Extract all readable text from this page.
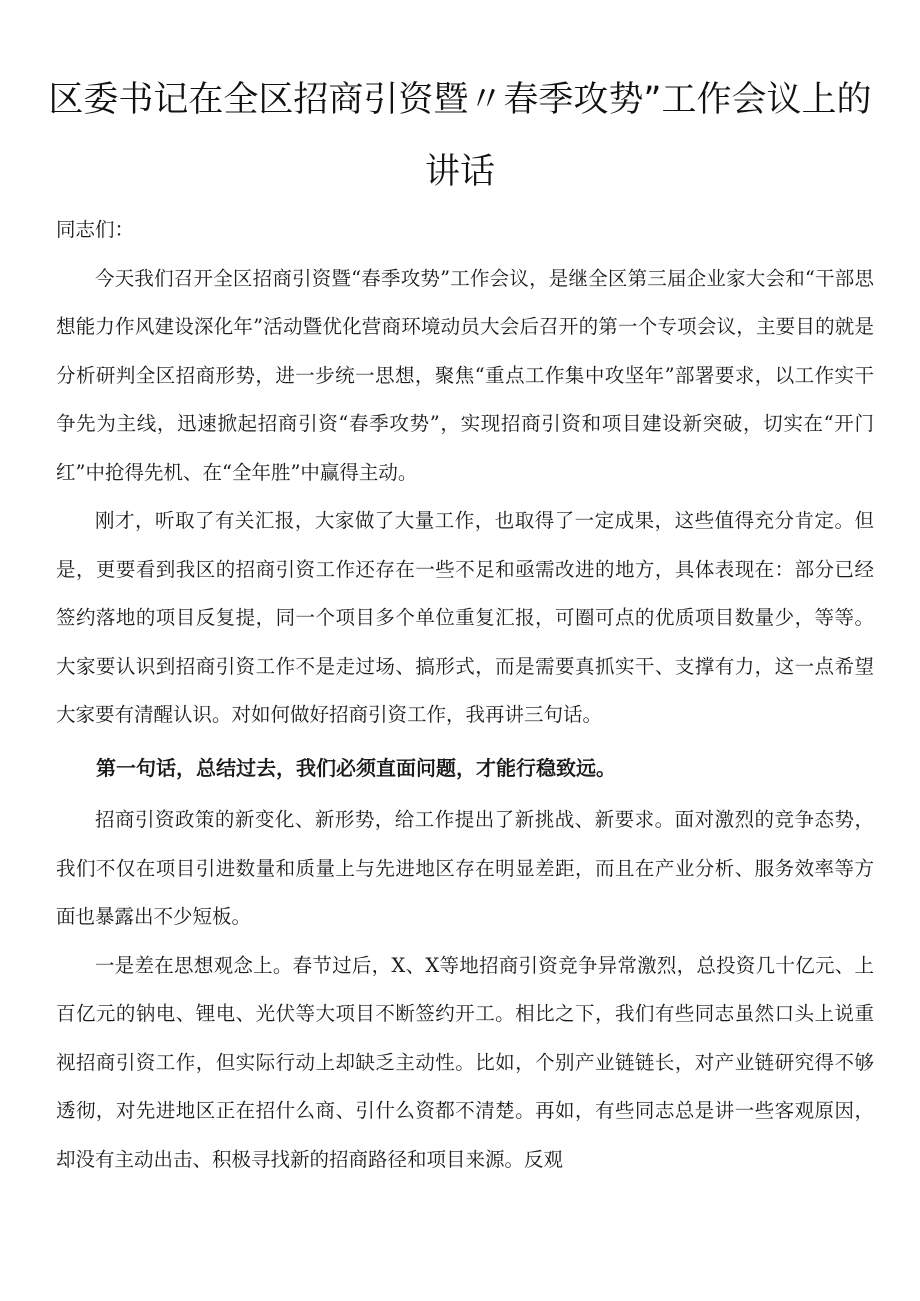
区委书记在全区招商引资暨〃春季攻势”工作会议上的
讲话

同志们：

今天我们召开全区招商引资暨“春季攻势”工作会议，是继全区第三届企业家大会和“干部思想能力作风建设深化年”活动暨优化营商环境动员大会后召开的第一个专项会议，主要目的就是分析研判全区招商形势，进一步统一思想，聚焦“重点工作集中攻坚年”部署要求，以工作实干争先为主线，迅速掀起招商引资“春季攻势”，实现招商引资和项目建设新突破，切实在“开门红”中抢得先机、在“全年胜”中赢得主动。

刚才，听取了有关汇报，大家做了大量工作，也取得了一定成果，这些值得充分肯定。但是，更要看到我区的招商引资工作还存在一些不足和亟需改进的地方，具体表现在：部分已经签约落地的项目反复提，同一个项目多个单位重复汇报，可圈可点的优质项目数量少，等等。大家要认识到招商引资工作不是走过场、搞形式，而是需要真抓实干、支撑有力，这一点希望大家要有清醒认识。对如何做好招商引资工作，我再讲三句话。

第一句话，总结过去，我们必须直面问题，才能行稳致远。

招商引资政策的新变化、新形势，给工作提出了新挑战、新要求。面对激烈的竞争态势，我们不仅在项目引进数量和质量上与先进地区存在明显差距，而且在产业分析、服务效率等方面也暴露出不少短板。

一是差在思想观念上。春节过后，X、X等地招商引资竞争异常激烈，总投资几十亿元、上百亿元的钠电、锂电、光伏等大项目不断签约开工。相比之下，我们有些同志虽然口头上说重视招商引资工作，但实际行动上却缺乏主动性。比如，个别产业链链长，对产业链研究得不够透彻，对先进地区正在招什么商、引什么资都不清楚。再如，有些同志总是讲一些客观原因，却没有主动出击、积极寻找新的招商路径和项目来源。反观
